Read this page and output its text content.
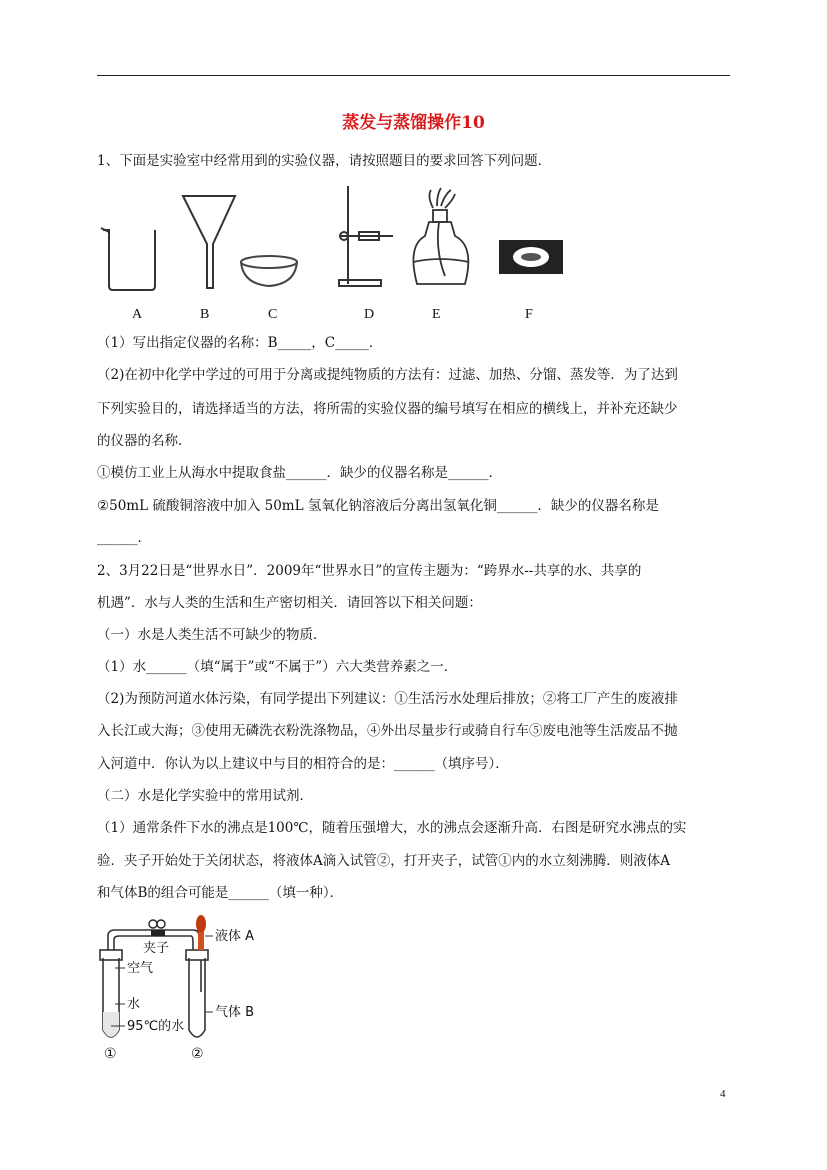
蒸发与蒸馏操作10
1、下面是实验室中经常用到的实验仪器，请按照题目的要求回答下列问题．
A	B	C	D	E	F
（1）写出指定仪器的名称：B_____，C_____．
（2)在初中化学中学过的可用于分离或提纯物质的方法有：过滤、加热、分馏、蒸发等．为了达到
下列实验目的，请选择适当的方法，将所需的实验仪器的编号填写在相应的横线上，并补充还缺少
的仪器的名称．
①模仿工业上从海水中提取食盐______．缺少的仪器名称是______．
②50mL 硫酸铜溶液中加入 50mL 氢氧化钠溶液后分离出氢氧化铜______．缺少的仪器名称是
______．
2、3月22日是“世界水日”．2009年“世界水日”的宣传主题为：“跨界水--共享的水、共享的
机遇”．水与人类的生活和生产密切相关．请回答以下相关问题：
（一）水是人类生活不可缺少的物质．
（1）水______（填“属于”或“不属于”）六大类营养素之一．
（2)为预防河道水体污染，有同学提出下列建议：①生活污水处理后排放；②将工厂产生的废液排
入长江或大海；③使用无磷洗衣粉洗涤物品，④外出尽量步行或骑自行车⑤废电池等生活废品不抛
入河道中．你认为以上建议中与目的相符合的是：______（填序号）．
（二）水是化学实验中的常用试剂．
（1）通常条件下水的沸点是100℃，随着压强增大，水的沸点会逐渐升高．右图是研究水沸点的实
验．夹子开始处于关闭状态，将液体A滴入试管②，打开夹子，试管①内的水立刻沸腾．则液体A
和气体B的组合可能是______（填一种）．
夹子
空气
水
95℃的水
液体 A
气体 B
①	②
4
